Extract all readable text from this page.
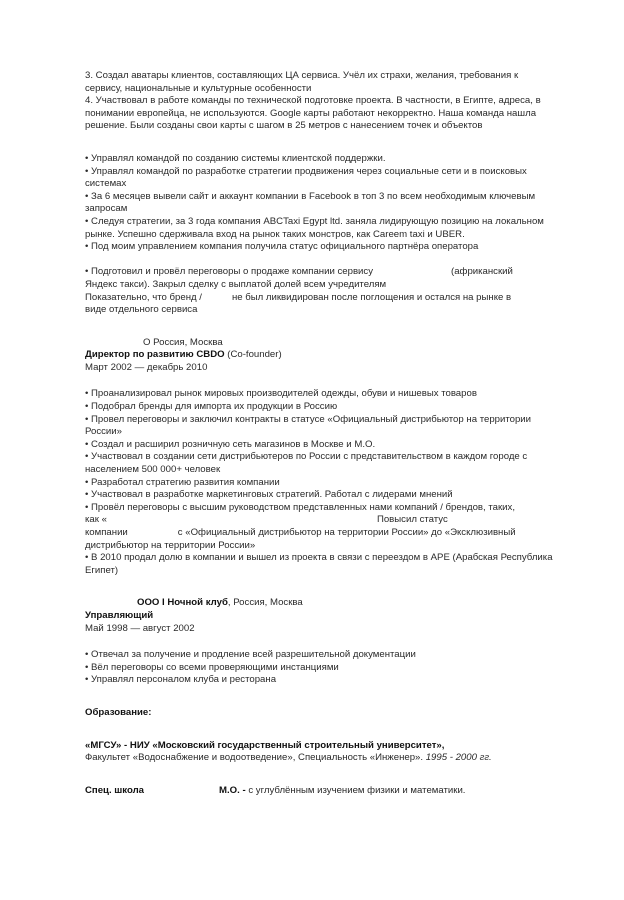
3. Создал аватары клиентов, составляющих ЦА сервиса. Учёл их страхи, желания, требования к сервису, национальные и культурные особенности

4. Участвовал в работе команды по технической подготовке проекта. В частности, в Египте, адреса, в понимании европейца, не используются. Google карты работают некорректно. Наша команда нашла решение. Были созданы свои карты с шагом в 25 метров с нанесением точек и объектов

• Управлял командой по созданию системы клиентской поддержки.

• Управлял командой по разработке стратегии продвижения через социальные сети и в поисковых системах

• За 6 месяцев вывели сайт и аккаунт компании в Facebook в топ 3 по всем необходимым ключевым запросам

• Следуя стратегии, за 3 года компания ABCTaxi Egypt ltd. заняла лидирующую позицию на локальном рынке. Успешно сдерживала вход на рынок таких монстров, как Careem taxi и UBER.

• Под моим управлением компания получила статус официального партнёра оператора

• Подготовил и провёл переговоры о продаже компании сервису	(африканский

Яндекс такси). Закрыл сделку с выплатой долей всем учредителям

Показательно, что бренд /	не был ликвидирован после поглощения и остался на рынке в

виде отдельного сервиса

O Россия, Москва

Директор по развитию CBDO (Co-founder)

Март 2002 — декабрь 2010

• Проанализировал рынок мировых производителей одежды, обуви и нишевых товаров

• Подобрал бренды для импорта их продукции в Россию

• Провел переговоры и заключил контракты в статусе «Официальный дистрибьютор на территории России»

• Создал и расширил розничную сеть магазинов в Москве и М.О.

• Участвовал в создании сети дистрибьютеров по России с представительством в каждом городе с населением 500 000+ человек

• Разработал стратегию развития компании

• Участвовал в разработке маркетинговых стратегий. Работал с лидерами мнений

• Провёл переговоры с высшим руководством представленных нами компаний / брендов, таких,

как «	Повысил статус

компании	с «Официальный дистрибьютор на территории России» до «Эксклюзивный

дистрибьютор на территории России»

• В 2010 продал долю в компании и вышел из проекта в связи с переездом в АРЕ (Арабская Республика Египет)

ООО I Ночной клуб, Россия, Москва

Управляющий

Май 1998 — август 2002

• Отвечал за получение и продление всей разрешительной документации

• Вёл переговоры со всеми проверяющими инстанциями

• Управлял персоналом клуба и ресторана

Образование:

«МГСУ» - НИУ «Московский государственный строительный университет»,

Факультет «Водоснабжение и водоотведение», Специальность «Инженер». 1995 - 2000 гг.

Спец. школа	М.О. - с углублённым изучением физики и математики.
